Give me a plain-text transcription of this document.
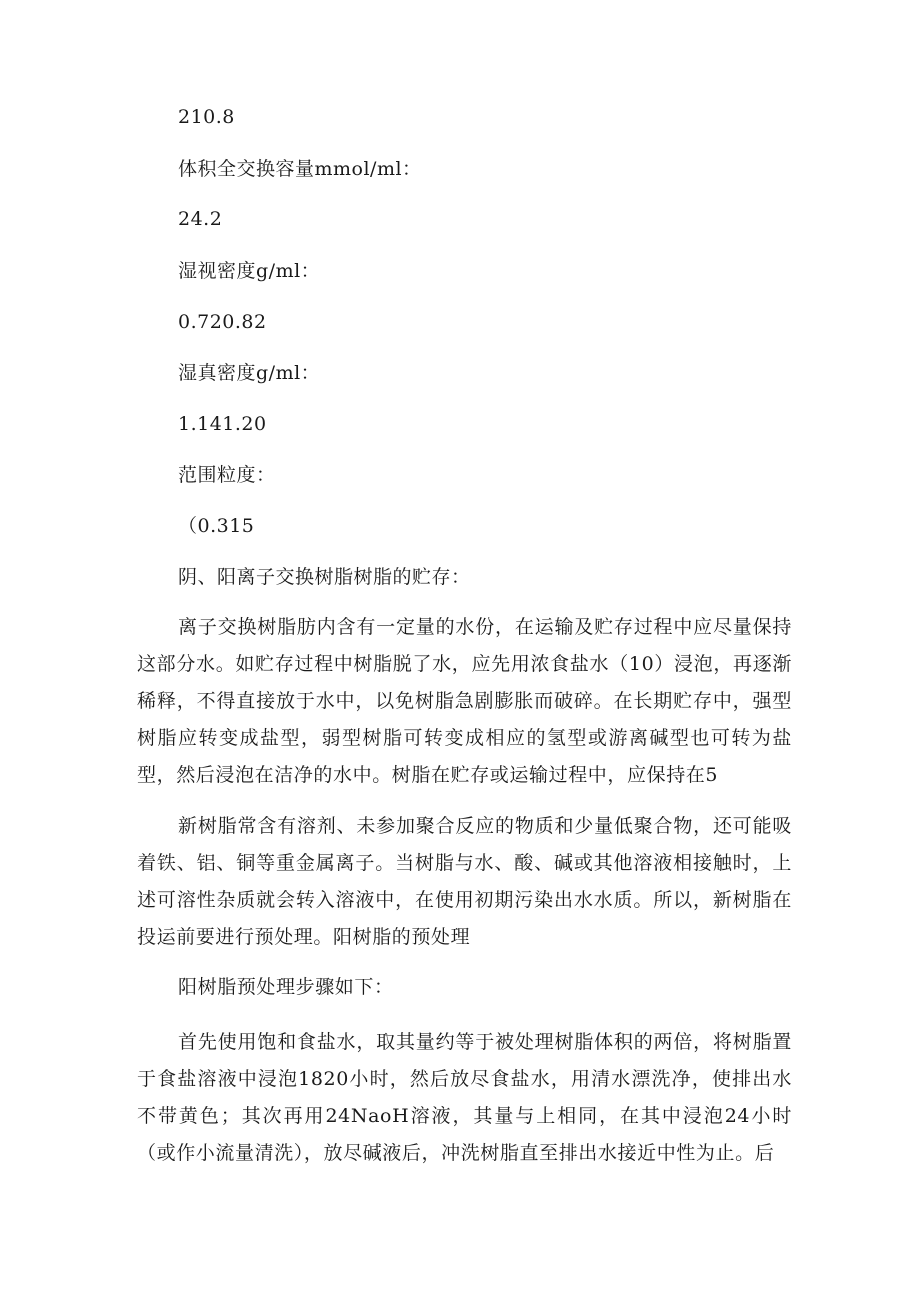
210.8
体积全交换容量mmol/ml：
24.2
湿视密度g/ml：
0.720.82
湿真密度g/ml：
1.141.20
范围粒度：
（0.315
阴、阳离子交换树脂树脂的贮存：
离子交换树脂肪内含有一定量的水份，在运输及贮存过程中应尽量保持这部分水。如贮存过程中树脂脱了水，应先用浓食盐水（10）浸泡，再逐渐稀释，不得直接放于水中，以免树脂急剧膨胀而破碎。在长期贮存中，强型树脂应转变成盐型，弱型树脂可转变成相应的氢型或游离碱型也可转为盐型，然后浸泡在洁净的水中。树脂在贮存或运输过程中，应保持在5
新树脂常含有溶剂、未参加聚合反应的物质和少量低聚合物，还可能吸着铁、铝、铜等重金属离子。当树脂与水、酸、碱或其他溶液相接触时，上述可溶性杂质就会转入溶液中，在使用初期污染出水水质。所以，新树脂在投运前要进行预处理。阳树脂的预处理
阳树脂预处理步骤如下：
首先使用饱和食盐水，取其量约等于被处理树脂体积的两倍，将树脂置于食盐溶液中浸泡1820小时，然后放尽食盐水，用清水漂洗净，使排出水不带黄色；其次再用24NaoH溶液，其量与上相同，在其中浸泡24小时（或作小流量清洗），放尽碱液后，冲洗树脂直至排出水接近中性为止。后
